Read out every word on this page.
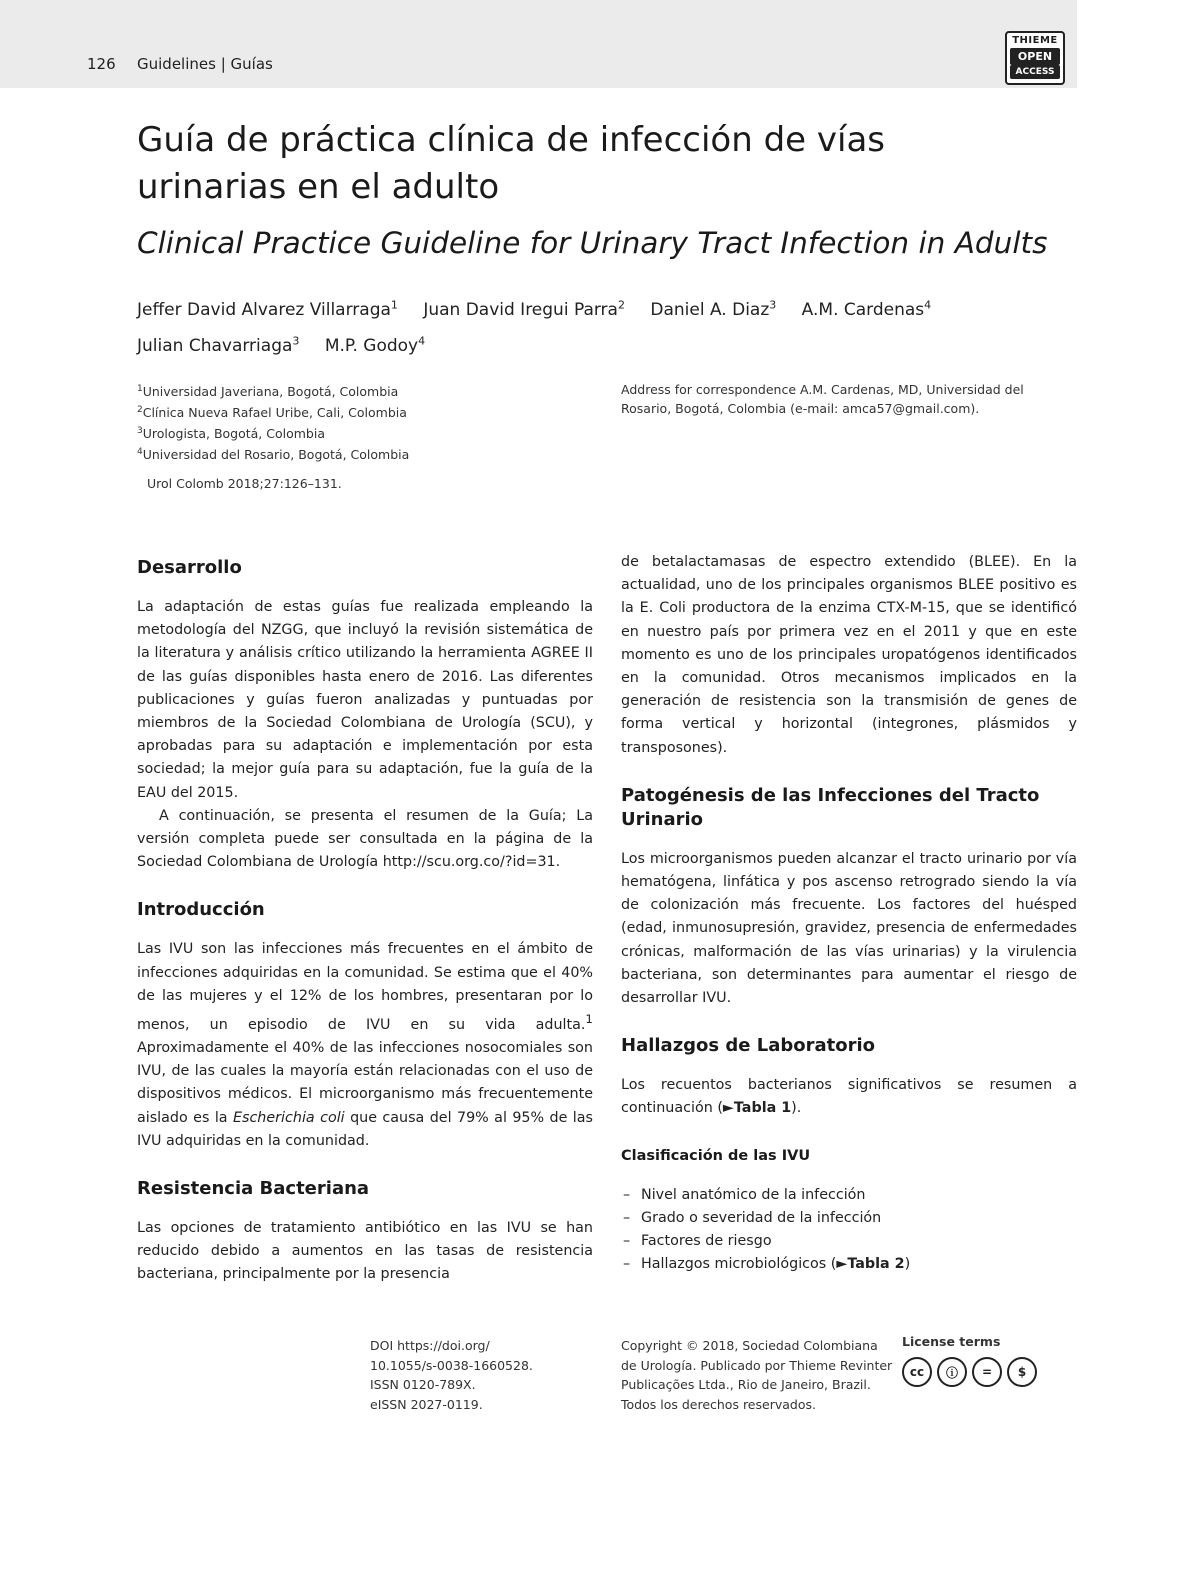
126 Guidelines | Guías
THIEME
OPEN
ACCESS
Guía de práctica clínica de infección de vías urinarias en el adulto
Clinical Practice Guideline for Urinary Tract Infection in Adults
Jeffer David Alvarez Villarraga$^1$ Juan David Iregui Parra$^2$ Daniel A. Diaz$^3$ A.M. Cardenas$^4$
Julian Chavarriaga$^3$ M.P. Godoy$^4$
$^1$Universidad Javeriana, Bogotá, Colombia
$^2$Clínica Nueva Rafael Uribe, Cali, Colombia
$^3$Urologista, Bogotá, Colombia
$^4$Universidad del Rosario, Bogotá, Colombia
Address for correspondence A.M. Cardenas, MD, Universidad del Rosario, Bogotá, Colombia (e-mail: amca57@gmail.com).
Urol Colomb 2018;27:126–131.
Desarrollo

La adaptación de estas guías fue realizada empleando la metodología del NZGG, que incluyó la revisión sistemática de la literatura y análisis crítico utilizando la herramienta AGREE II de las guías disponibles hasta enero de 2016. Las diferentes publicaciones y guías fueron analizadas y puntuadas por miembros de la Sociedad Colombiana de Urología (SCU), y aprobadas para su adaptación e implementación por esta sociedad; la mejor guía para su adaptación, fue la guía de la EAU del 2015.

A continuación, se presenta el resumen de la Guía; La versión completa puede ser consultada en la página de la Sociedad Colombiana de Urología http://scu.org.co/?id=31.

Introducción

Las IVU son las infecciones más frecuentes en el ámbito de infecciones adquiridas en la comunidad. Se estima que el 40% de las mujeres y el 12% de los hombres, presentaran por lo menos, un episodio de IVU en su vida adulta.$^1$ Aproximadamente el 40% de las infecciones nosocomiales son IVU, de las cuales la mayoría están relacionadas con el uso de dispositivos médicos. El microorganismo más frecuentemente aislado es la Escherichia coli que causa del 79% al 95% de las IVU adquiridas en la comunidad.

Resistencia Bacteriana

Las opciones de tratamiento antibiótico en las IVU se han reducido debido a aumentos en las tasas de resistencia bacteriana, principalmente por la presencia

de betalactamasas de espectro extendido (BLEE). En la actualidad, uno de los principales organismos BLEE positivo es la E. Coli productora de la enzima CTX-M-15, que se identificó en nuestro país por primera vez en el 2011 y que en este momento es uno de los principales uropatógenos identificados en la comunidad. Otros mecanismos implicados en la generación de resistencia son la transmisión de genes de forma vertical y horizontal (integrones, plásmidos y transposones).

Patogénesis de las Infecciones del Tracto Urinario

Los microorganismos pueden alcanzar el tracto urinario por vía hematógena, linfática y pos ascenso retrogrado siendo la vía de colonización más frecuente. Los factores del huésped (edad, inmunosupresión, gravidez, presencia de enfermedades crónicas, malformación de las vías urinarias) y la virulencia bacteriana, son determinantes para aumentar el riesgo de desarrollar IVU.

Hallazgos de Laboratorio

Los recuentos bacterianos significativos se resumen a continuación (►Tabla 1).

Clasificación de las IVU
– Nivel anatómico de la infección
– Grado o severidad de la infección
– Factores de riesgo
– Hallazgos microbiológicos (►Tabla 2)
DOI https://doi.org/
10.1055/s-0038-1660528.
ISSN 0120-789X.
eISSN 2027-0119.
Copyright © 2018, Sociedad Colombiana de Urología. Publicado por Thieme Revinter Publicações Ltda., Rio de Janeiro, Brazil. Todos los derechos reservados.
License terms
cc	ⓘ	=	$
